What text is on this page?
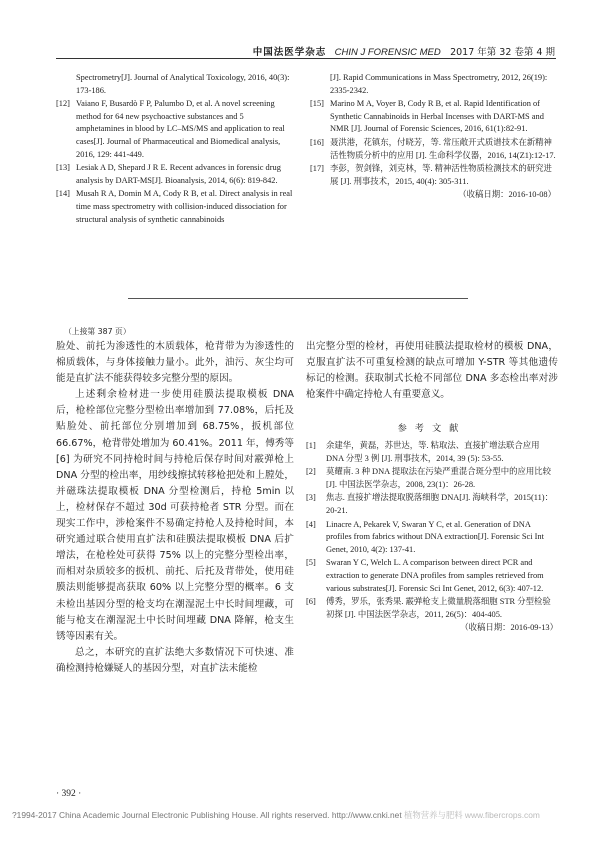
中国法医学杂志 CHIN J FORENSIC MED 2017 年第 32 卷第 4 期
Spectrometry[J]. Journal of Analytical Toxicology, 2016, 40(3): 173-186.
[12] Vaiano F, Busardò F P, Palumbo D, et al. A novel screening method for 64 new psychoactive substances and 5 amphetamines in blood by LC–MS/MS and application to real cases[J]. Journal of Pharmaceutical and Biomedical analysis, 2016, 129: 441-449.
[13] Lesiak A D, Shepard J R E. Recent advances in forensic drug analysis by DART-MS[J]. Bioanalysis, 2014, 6(6): 819-842.
[14] Musah R A, Domin M A, Cody R B, et al. Direct analysis in real time mass spectrometry with collision-induced dissociation for structural analysis of synthetic cannabinoids
[J]. Rapid Communications in Mass Spectrometry, 2012, 26(19): 2335-2342.
[15] Marino M A, Voyer B, Cody R B, et al. Rapid Identification of Synthetic Cannabinoids in Herbal Incenses with DART-MS and NMR [J]. Journal of Forensic Sciences, 2016, 61(1):82-91.
[16] 聂洪港，花镇东，付晓芳，等. 常压敞开式质谱技术在新精神活性物质分析中的应用 [J]. 生命科学仪器，2016, 14(Z1):12-17.
[17] 李彭，贺剑锋，刘克林，等. 精神活性物质检测技术的研究进展 [J]. 刑事技术，2015, 40(4): 305-311.
（收稿日期：2016-10-08）
（上接第 387 页）

脸处、前托为渗透性的木质载体，枪背带为为渗透性的棉质载体，与身体接触力量小。此外，油污、灰尘均可能是直扩法不能获得较多完整分型的原因。

上述剩余检材进一步使用硅膜法提取模板 DNA 后，枪栓部位完整分型检出率增加到 77.08%，后托及贴脸处、前托部位分别增加到 68.75%，扳机部位 66.67%，枪背带处增加为 60.41%。2011 年，傅秀等 [6] 为研究不同持枪时间与持枪后保存时间对霰弹枪上 DNA 分型的检出率，用纱线擦拭转移枪把处和上膛处，并磁珠法提取模板 DNA 分型检测后，持枪 5min 以上，检材保存不超过 30d 可获持枪者 STR 分型。而在现实工作中，涉枪案件不易确定持枪人及持枪时间，本研究通过联合使用直扩法和硅膜法提取模板 DNA 后扩增法，在枪栓处可获得 75% 以上的完整分型检出率，而相对杂质较多的扳机、前托、后托及背带处，使用硅膜法则能够提高获取 60% 以上完整分型的概率。6 支未检出基因分型的枪支均在潮湿泥土中长时间埋藏，可能与枪支在潮湿泥土中长时间埋藏 DNA 降解，枪支生锈等因素有关。

总之，本研究的直扩法绝大多数情况下可快速、准确检测持枪嫌疑人的基因分型，对直扩法未能检

出完整分型的检材，再使用硅膜法提取检材的模板 DNA，克服直扩法不可重复检测的缺点可增加 Y-STR 等其他遗传标记的检测。获取制式长枪不同部位 DNA 多态检出率对涉枪案件中确定持枪人有重要意义。

参考文献
[1]	余建华，黄磊，苏世达，等. 粘取法、直接扩增法联合应用 DNA 分型 3 例 [J]. 刑事技术，2014, 39 (5): 53-55.
[2]	莫耀南. 3 种 DNA 提取法在污染严重混合斑分型中的应用比较 [J]. 中国法医学杂志，2008, 23(1)：26-28.
[3]	焦志. 直接扩增法提取脱落细胞 DNA[J]. 海峡科学，2015(11)：20-21.
[4]	Linacre A, Pekarek V, Swaran Y C, et al. Generation of DNA profiles from fabrics without DNA extraction[J]. Forensic Sci Int Genet, 2010, 4(2): 137-41.
[5]	Swaran Y C, Welch L. A comparison between direct PCR and extraction to generate DNA profiles from samples retrieved from various substrates[J]. Forensic Sci Int Genet, 2012, 6(3): 407-12.
[6]	傅秀，罗乐，张秀果. 霰弹枪支上微量脱落细胞 STR 分型检验初探 [J]. 中国法医学杂志，2011, 26(5)：404-405.
（收稿日期：2016-09-13）
· 392 ·
?1994-2017 China Academic Journal Electronic Publishing House. All rights reserved. http://www.cnki.net 植物营养与肥料 www.fibercrops.com
